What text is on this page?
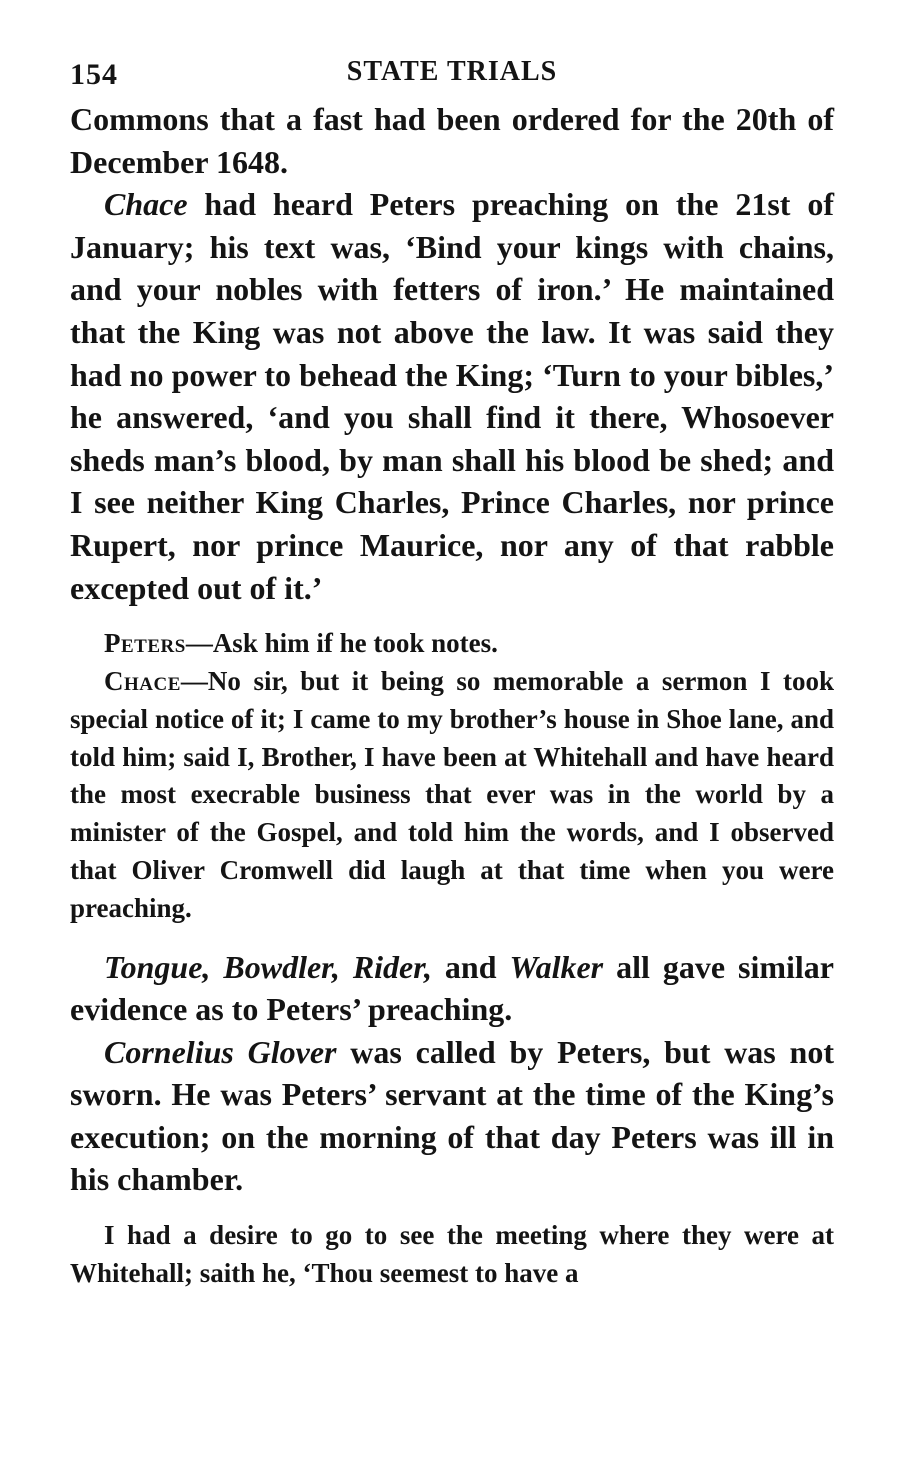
154	STATE TRIALS

Commons that a fast had been ordered for the 20th of December 1648.

Chace had heard Peters preaching on the 21st of January; his text was, ‘Bind your kings with chains, and your nobles with fetters of iron.’ He maintained that the King was not above the law. It was said they had no power to behead the King; ‘Turn to your bibles,’ he answered, ‘and you shall find it there, Whosoever sheds man’s blood, by man shall his blood be shed; and I see neither King Charles, Prince Charles, nor prince Rupert, nor prince Maurice, nor any of that rabble excepted out of it.’

Peters—Ask him if he took notes.

Chace—No sir, but it being so memorable a sermon I took special notice of it; I came to my brother’s house in Shoe lane, and told him; said I, Brother, I have been at Whitehall and have heard the most execrable business that ever was in the world by a minister of the Gospel, and told him the words, and I observed that Oliver Cromwell did laugh at that time when you were preaching.

Tongue, Bowdler, Rider, and Walker all gave similar evidence as to Peters’ preaching.

Cornelius Glover was called by Peters, but was not sworn. He was Peters’ servant at the time of the King’s execution; on the morning of that day Peters was ill in his chamber.

I had a desire to go to see the meeting where they were at Whitehall; saith he, ‘Thou seemest to have a
